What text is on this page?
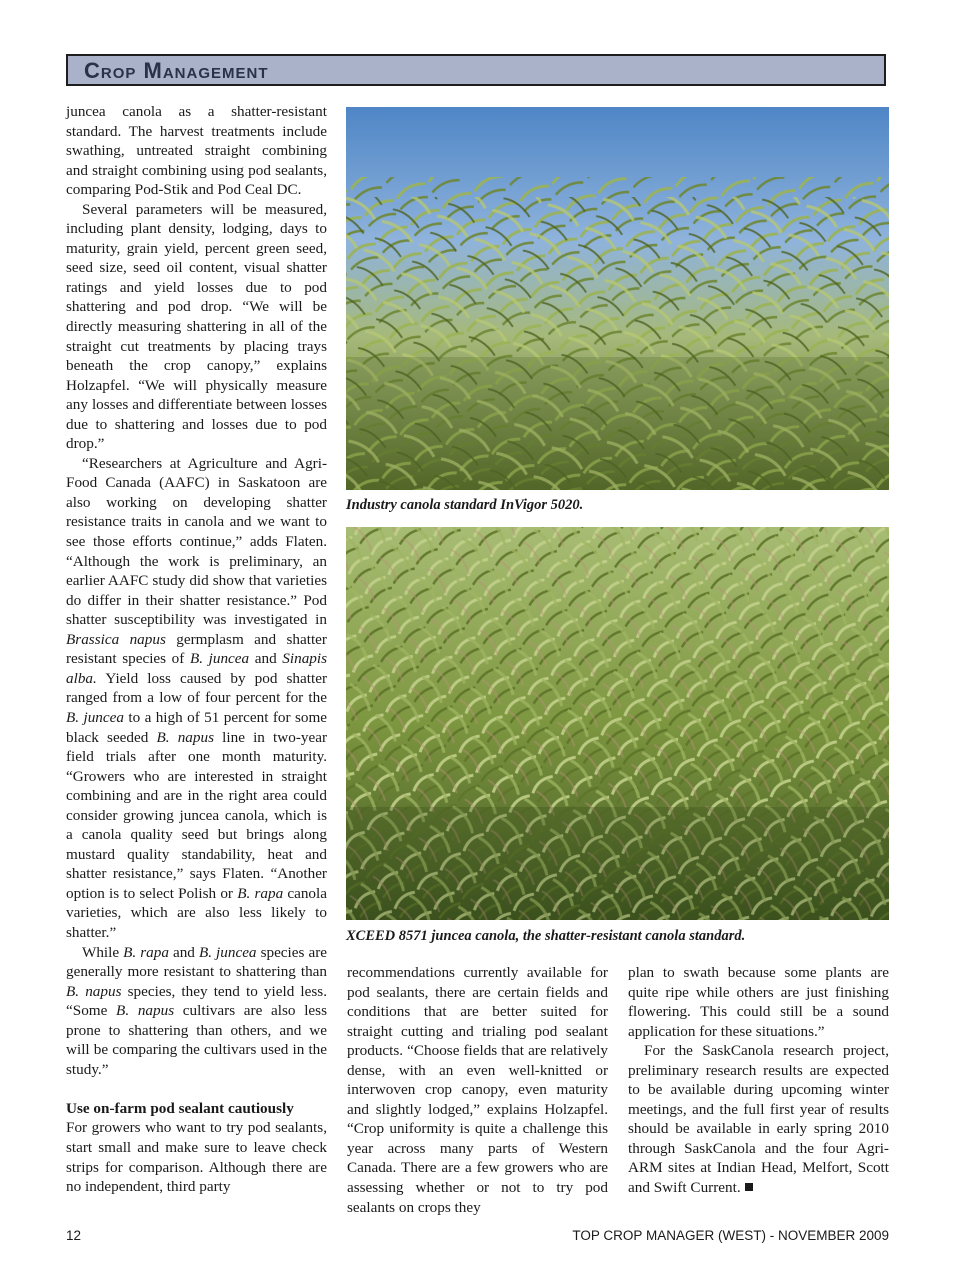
Crop Management

juncea canola as a shatter-resistant standard. The harvest treatments include swathing, untreated straight combining and straight combining using pod sealants, comparing Pod-Stik and Pod Ceal DC.

Several parameters will be measured, including plant density, lodging, days to maturity, grain yield, percent green seed, seed size, seed oil content, visual shatter ratings and yield losses due to pod shattering and pod drop. “We will be directly measuring shattering in all of the straight cut treatments by placing trays beneath the crop canopy,” explains Holzapfel. “We will physically measure any losses and differentiate between losses due to shattering and losses due to pod drop.”

“Researchers at Agriculture and Agri-Food Canada (AAFC) in Saskatoon are also working on developing shatter resistance traits in canola and we want to see those efforts continue,” adds Flaten. “Although the work is preliminary, an earlier AAFC study did show that varieties do differ in their shatter resistance.” Pod shatter susceptibility was investigated in Brassica napus germplasm and shatter resistant species of B. juncea and Sinapis alba. Yield loss caused by pod shatter ranged from a low of four percent for the B. juncea to a high of 51 percent for some black seeded B. napus line in two-year field trials after one month maturity. “Growers who are interested in straight combining and are in the right area could consider growing juncea canola, which is a canola quality seed but brings along mustard quality standability, heat and shatter resistance,” says Flaten. “Another option is to select Polish or B. rapa canola varieties, which are also less likely to shatter.”

While B. rapa and B. juncea species are generally more resistant to shattering than B. napus species, they tend to yield less. “Some B. napus cultivars are also less prone to shattering than others, and we will be comparing the cultivars used in the study.”

Use on-farm pod sealant cautiously

For growers who want to try pod sealants, start small and make sure to leave check strips for comparison. Although there are no independent, third party

Industry canola standard InVigor 5020.
XCEED 8571 juncea canola, the shatter-resistant canola standard.

recommendations currently available for pod sealants, there are certain fields and conditions that are better suited for straight cutting and trialing pod sealant products. “Choose fields that are relatively dense, with an even well-knitted or interwoven crop canopy, even maturity and slightly lodged,” explains Holzapfel. “Crop uniformity is quite a challenge this year across many parts of Western Canada. There are a few growers who are assessing whether or not to try pod sealants on crops they

plan to swath because some plants are quite ripe while others are just finishing flowering. This could still be a sound application for these situations.”

For the SaskCanola research project, preliminary research results are expected to be available during upcoming winter meetings, and the full first year of results should be available in early spring 2010 through SaskCanola and the four Agri-ARM sites at Indian Head, Melfort, Scott and Swift Current.

12	TOP CROP MANAGER (WEST) - NOVEMBER 2009
